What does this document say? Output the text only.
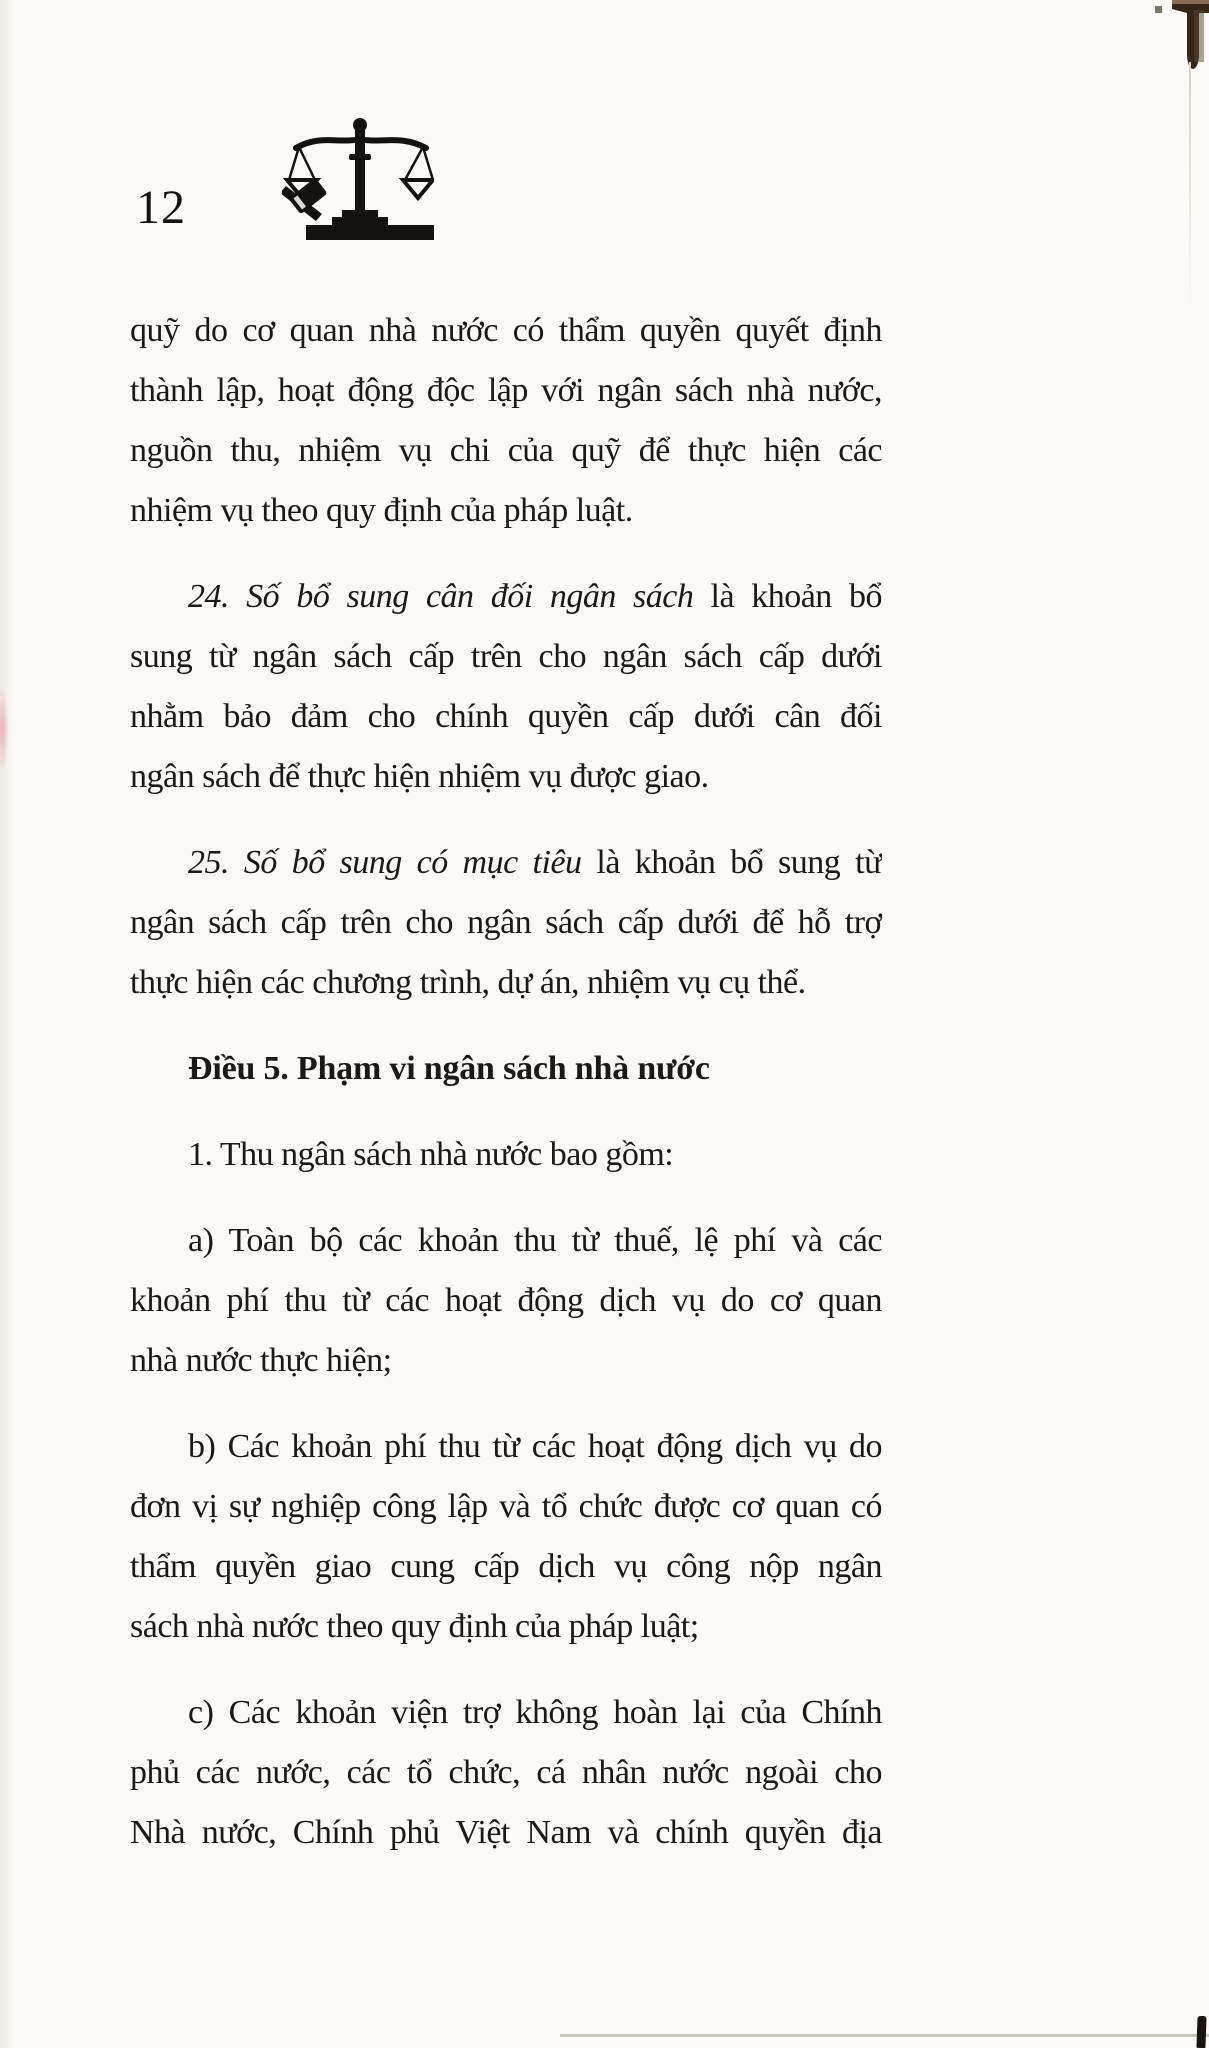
12
quỹ do cơ quan nhà nước có thẩm quyền quyết định
thành lập, hoạt động độc lập với ngân sách nhà nước,
nguồn thu, nhiệm vụ chi của quỹ để thực hiện các
nhiệm vụ theo quy định của pháp luật.
24. Số bổ sung cân đối ngân sách là khoản bổ
sung từ ngân sách cấp trên cho ngân sách cấp dưới
nhằm bảo đảm cho chính quyền cấp dưới cân đối
ngân sách để thực hiện nhiệm vụ được giao.
25. Số bổ sung có mục tiêu là khoản bổ sung từ
ngân sách cấp trên cho ngân sách cấp dưới để hỗ trợ
thực hiện các chương trình, dự án, nhiệm vụ cụ thể.
Điều 5. Phạm vi ngân sách nhà nước
1. Thu ngân sách nhà nước bao gồm:
a) Toàn bộ các khoản thu từ thuế, lệ phí và các
khoản phí thu từ các hoạt động dịch vụ do cơ quan
nhà nước thực hiện;
b) Các khoản phí thu từ các hoạt động dịch vụ do
đơn vị sự nghiệp công lập và tổ chức được cơ quan có
thẩm quyền giao cung cấp dịch vụ công nộp ngân
sách nhà nước theo quy định của pháp luật;
c) Các khoản viện trợ không hoàn lại của Chính
phủ các nước, các tổ chức, cá nhân nước ngoài cho
Nhà nước, Chính phủ Việt Nam và chính quyền địa
